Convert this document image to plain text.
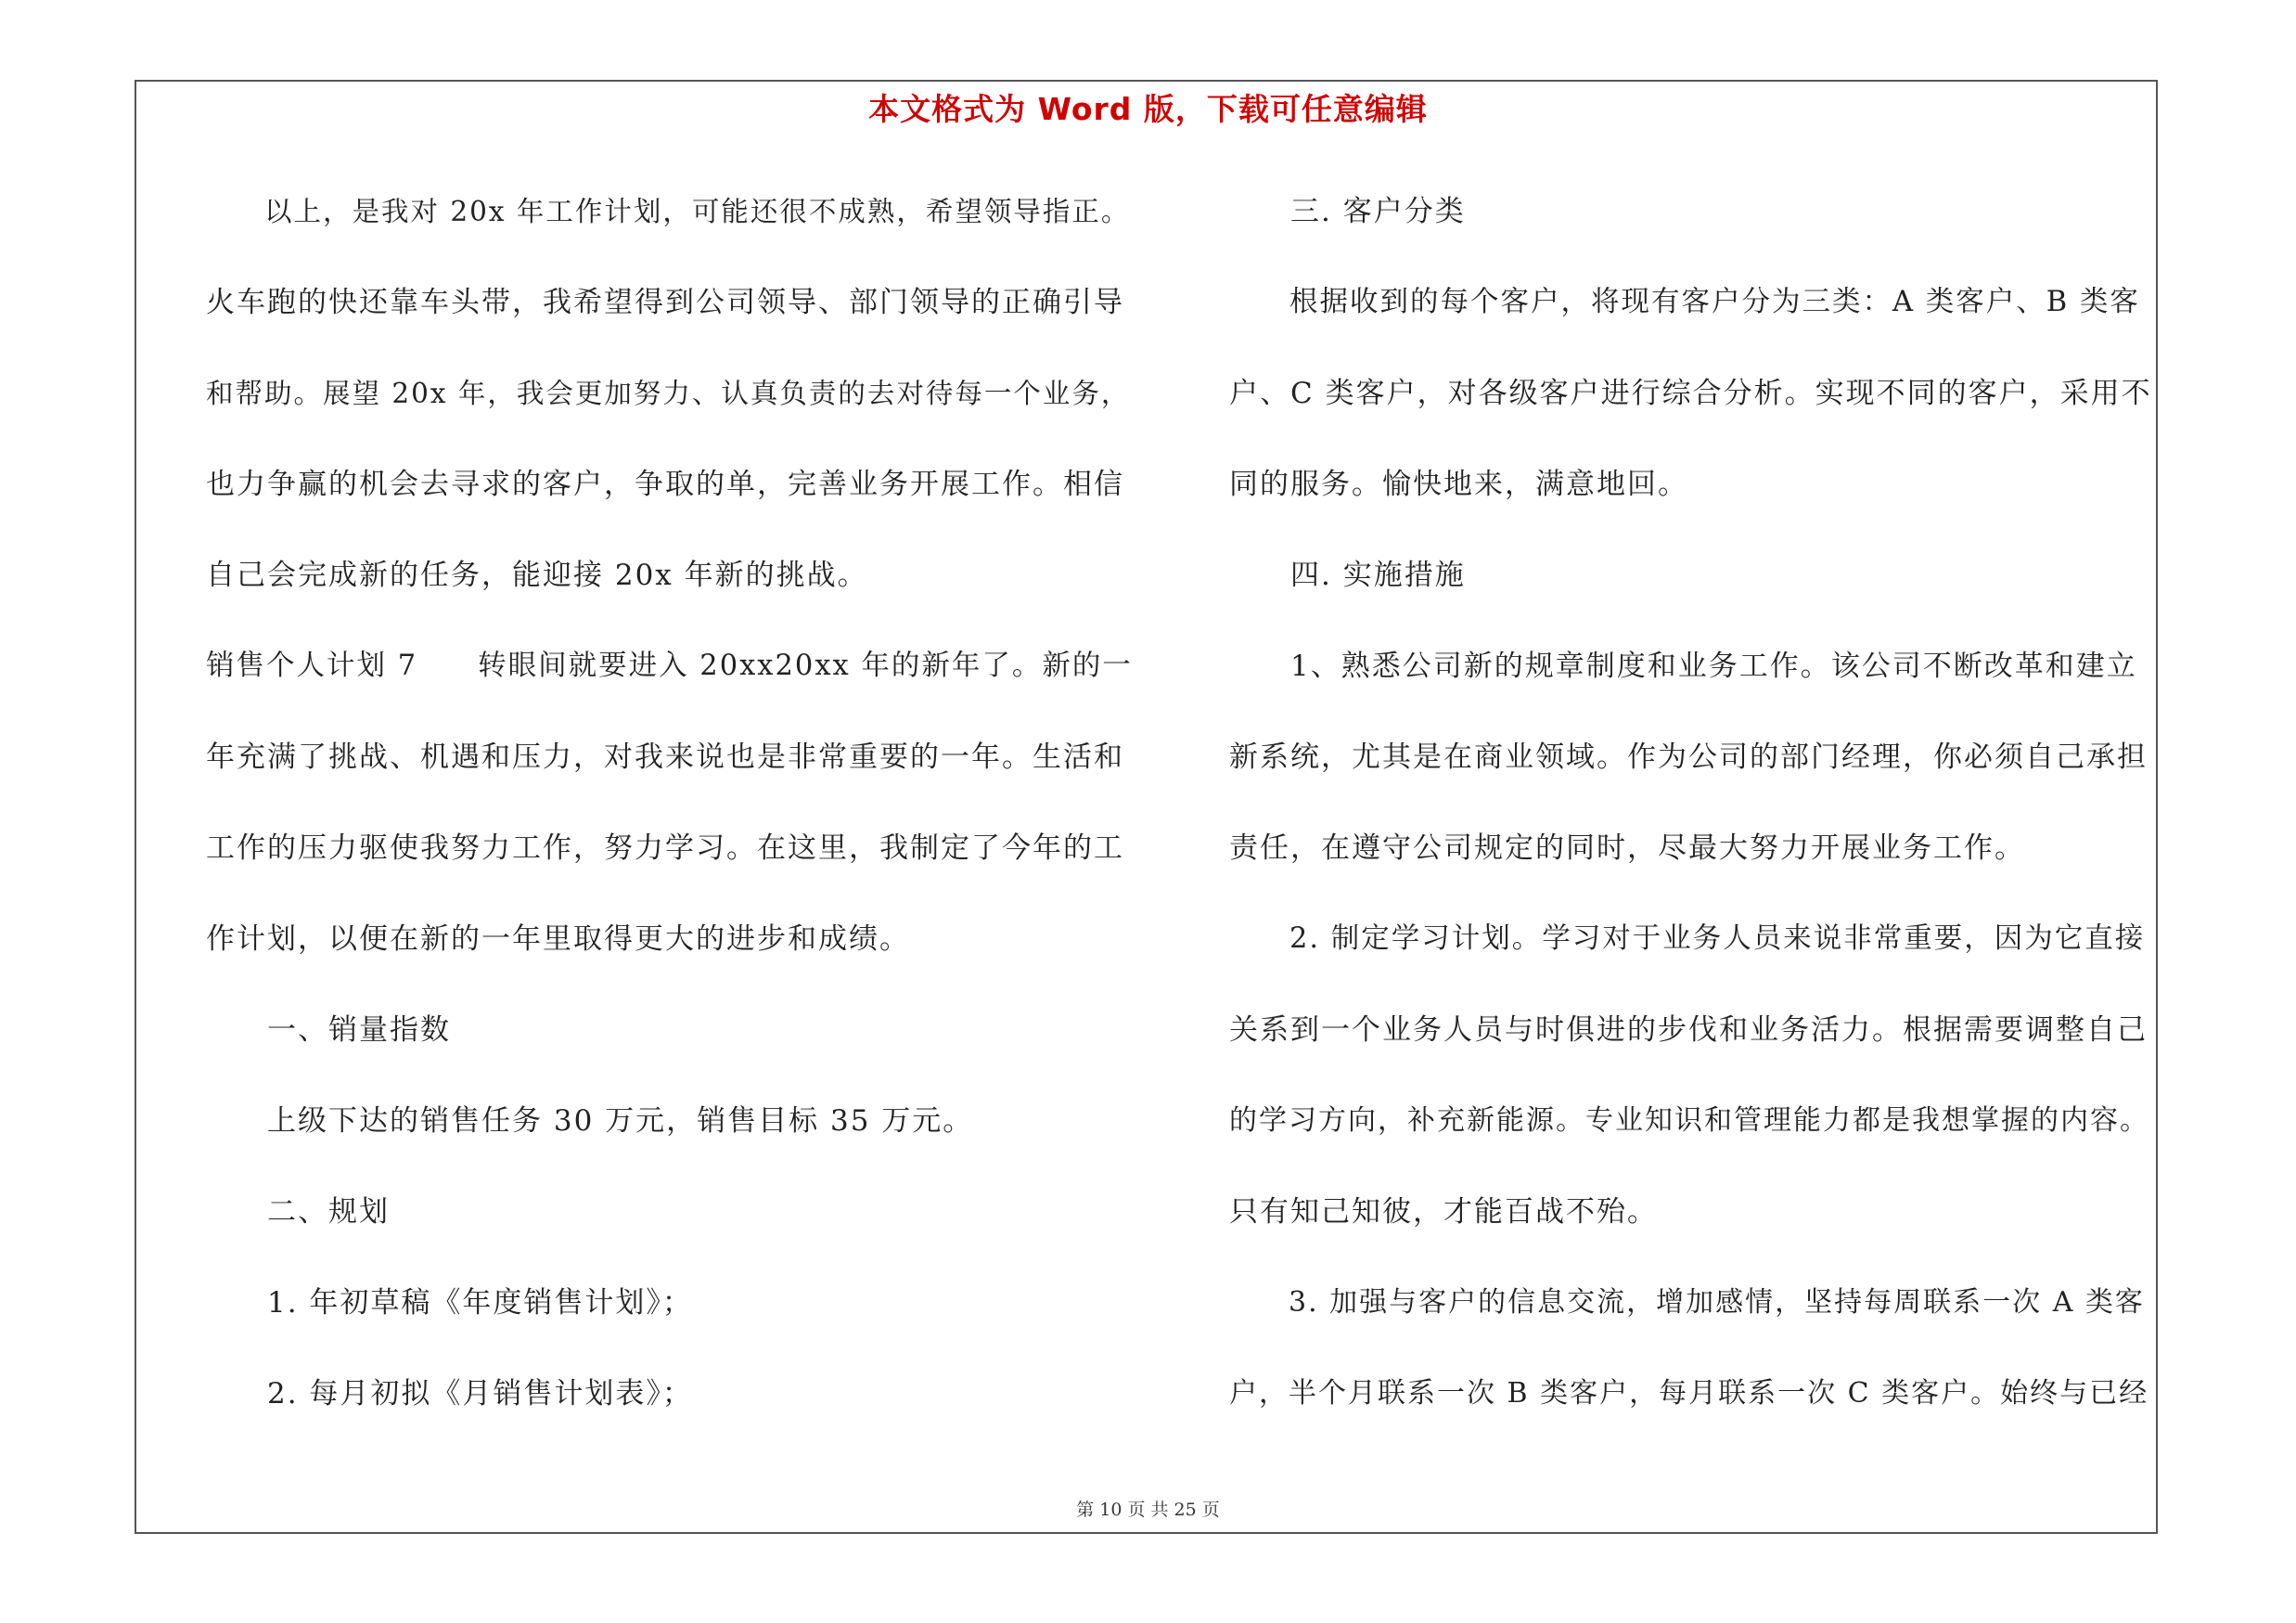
本文格式为 Word 版，下载可任意编辑
　　以上，是我对 20x 年工作计划，可能还很不成熟，希望领导指正。
火车跑的快还靠车头带，我希望得到公司领导、部门领导的正确引导
和帮助。展望 20x 年，我会更加努力、认真负责的去对待每一个业务，
也力争赢的机会去寻求的客户，争取的单，完善业务开展工作。相信
自己会完成新的任务，能迎接 20x 年新的挑战。
销售个人计划 7　　转眼间就要进入 20xx20xx 年的新年了。新的一
年充满了挑战、机遇和压力，对我来说也是非常重要的一年。生活和
工作的压力驱使我努力工作，努力学习。在这里，我制定了今年的工
作计划，以便在新的一年里取得更大的进步和成绩。
　　一、销量指数
　　上级下达的销售任务 30 万元，销售目标 35 万元。
　　二、规划
　　1. 年初草稿《年度销售计划》；
　　2. 每月初拟《月销售计划表》；
　　三. 客户分类
　　根据收到的每个客户，将现有客户分为三类：A 类客户、B 类客
户、C 类客户，对各级客户进行综合分析。实现不同的客户，采用不
同的服务。愉快地来，满意地回。
　　四. 实施措施
　　1、熟悉公司新的规章制度和业务工作。该公司不断改革和建立
新系统，尤其是在商业领域。作为公司的部门经理，你必须自己承担
责任，在遵守公司规定的同时，尽最大努力开展业务工作。
　　2. 制定学习计划。学习对于业务人员来说非常重要，因为它直接
关系到一个业务人员与时俱进的步伐和业务活力。根据需要调整自己
的学习方向，补充新能源。专业知识和管理能力都是我想掌握的内容。
只有知己知彼，才能百战不殆。
　　3. 加强与客户的信息交流，增加感情，坚持每周联系一次 A 类客
户，半个月联系一次 B 类客户，每月联系一次 C 类客户。始终与已经
第 10 页 共 25 页
